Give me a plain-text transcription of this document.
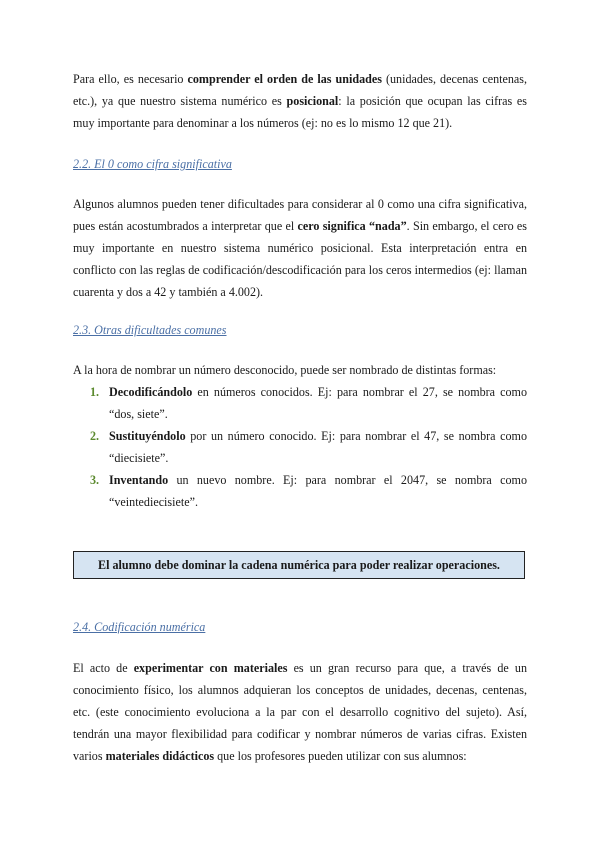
Para ello, es necesario comprender el orden de las unidades (unidades, decenas centenas, etc.), ya que nuestro sistema numérico es posicional: la posición que ocupan las cifras es muy importante para denominar a los números (ej: no es lo mismo 12 que 21).

2.2. El 0 como cifra significativa

Algunos alumnos pueden tener dificultades para considerar al 0 como una cifra significativa, pues están acostumbrados a interpretar que el cero significa “nada”. Sin embargo, el cero es muy importante en nuestro sistema numérico posicional. Esta interpretación entra en conflicto con las reglas de codificación/descodificación para los ceros intermedios (ej: llaman cuarenta y dos a 42 y también a 4.002).

2.3. Otras dificultades comunes

A la hora de nombrar un número desconocido, puede ser nombrado de distintas formas:

1. Decodificándolo en números conocidos. Ej: para nombrar el 27, se nombra como “dos, siete”.
2. Sustituyéndolo por un número conocido. Ej: para nombrar el 47, se nombra como “diecisiete”.
3. Inventando un nuevo nombre. Ej: para nombrar el 2047, se nombra como “veintediecisiete”.
El alumno debe dominar la cadena numérica para poder realizar operaciones.

2.4. Codificación numérica

El acto de experimentar con materiales es un gran recurso para que, a través de un conocimiento físico, los alumnos adquieran los conceptos de unidades, decenas, centenas, etc. (este conocimiento evoluciona a la par con el desarrollo cognitivo del sujeto). Así, tendrán una mayor flexibilidad para codificar y nombrar números de varias cifras. Existen varios materiales didácticos que los profesores pueden utilizar con sus alumnos:
